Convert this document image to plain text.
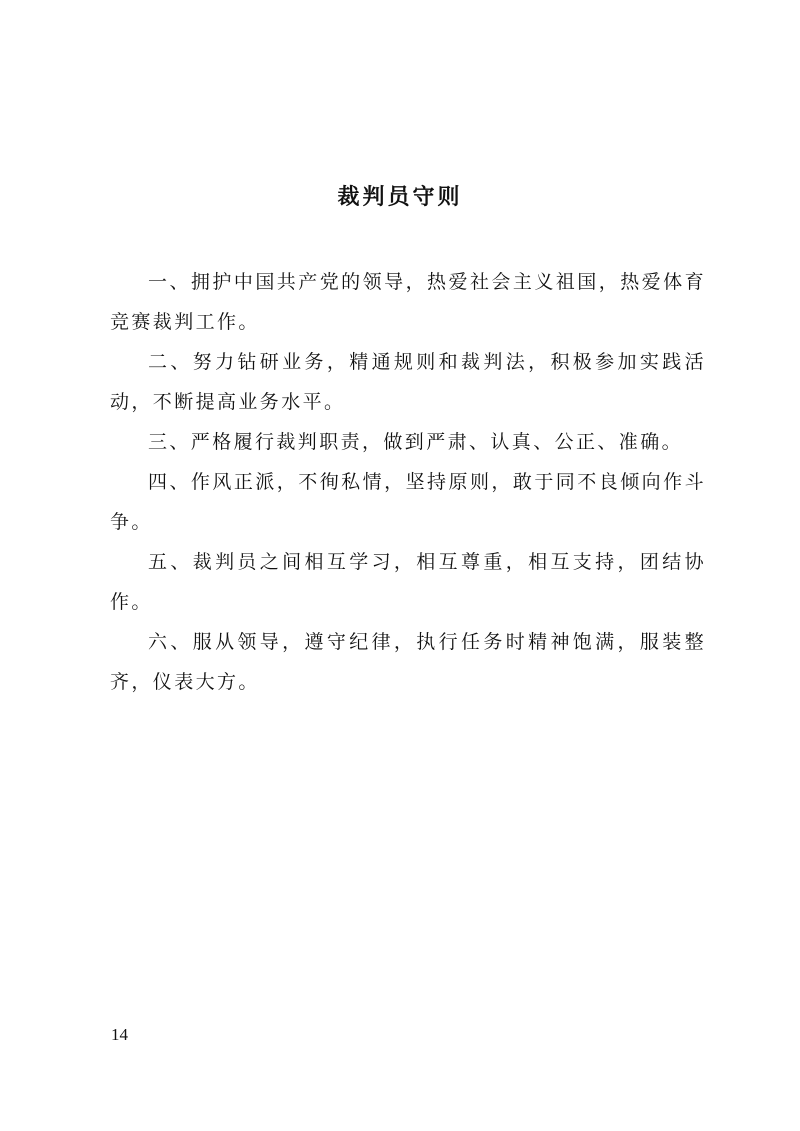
裁判员守则

一、拥护中国共产党的领导，热爱社会主义祖国，热爱体育竞赛裁判工作。

二、努力钻研业务，精通规则和裁判法，积极参加实践活动，不断提高业务水平。

三、严格履行裁判职责，做到严肃、认真、公正、准确。

四、作风正派，不徇私情，坚持原则，敢于同不良倾向作斗争。

五、裁判员之间相互学习，相互尊重，相互支持，团结协作。

六、服从领导，遵守纪律，执行任务时精神饱满，服装整齐，仪表大方。

14
